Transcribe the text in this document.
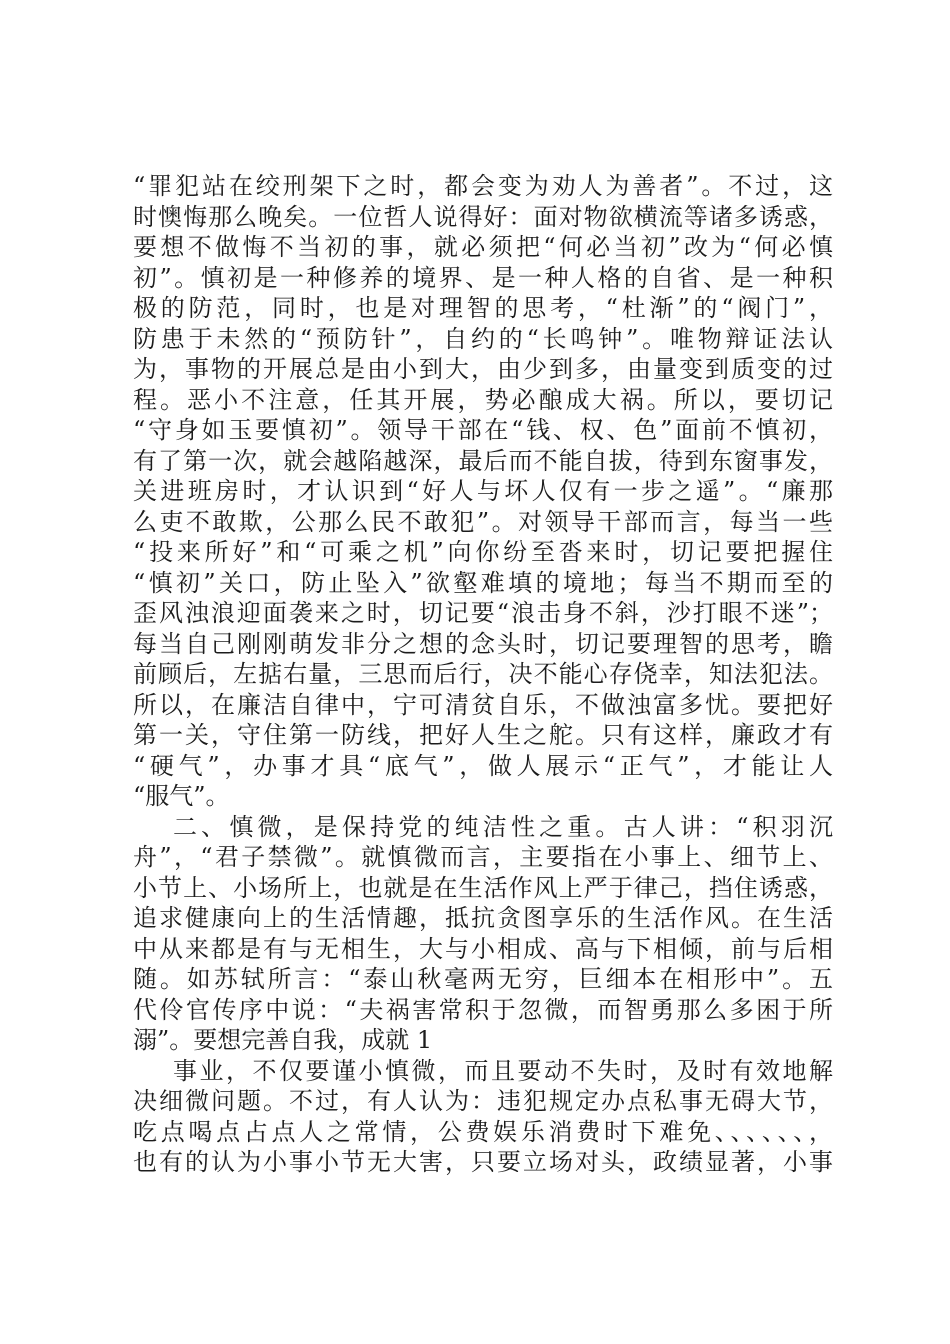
“罪犯站在绞刑架下之时，都会变为劝人为善者”。不过，这
时懊悔那么晚矣。一位哲人说得好：面对物欲横流等诸多诱惑，
要想不做悔不当初的事，就必须把“何必当初”改为“何必慎
初”。慎初是一种修养的境界、是一种人格的自省、是一种积
极的防范，同时，也是对理智的思考，“杜渐”的“阀门”，
防患于未然的“预防针”，自约的“长鸣钟”。唯物辩证法认
为，事物的开展总是由小到大，由少到多，由量变到质变的过
程。恶小不注意，任其开展，势必酿成大祸。所以，要切记
“守身如玉要慎初”。领导干部在“钱、权、色”面前不慎初，
有了第一次，就会越陷越深，最后而不能自拔，待到东窗事发，
关进班房时，才认识到“好人与坏人仅有一步之遥”。“廉那
么吏不敢欺，公那么民不敢犯”。对领导干部而言，每当一些
“投来所好”和“可乘之机”向你纷至沓来时，切记要把握住
“慎初”关口，防止坠入”欲壑难填的境地；每当不期而至的
歪风浊浪迎面袭来之时，切记要“浪击身不斜，沙打眼不迷”；
每当自己刚刚萌发非分之想的念头时，切记要理智的思考，瞻
前顾后，左掂右量，三思而后行，决不能心存侥幸，知法犯法。
所以，在廉洁自律中，宁可清贫自乐，不做浊富多忧。要把好
第一关，守住第一防线，把好人生之舵。只有这样，廉政才有
“硬气”，办事才具“底气”，做人展示“正气”，才能让人
“服气”。
二、慎微，是保持党的纯洁性之重。古人讲：“积羽沉
舟”，“君子禁微”。就慎微而言，主要指在小事上、细节上、
小节上、小场所上，也就是在生活作风上严于律己，挡住诱惑，
追求健康向上的生活情趣，抵抗贪图享乐的生活作风。在生活
中从来都是有与无相生，大与小相成、高与下相倾，前与后相
随。如苏轼所言：“泰山秋毫两无穷，巨细本在相形中”。五
代伶官传序中说：“夫祸害常积于忽微，而智勇那么多困于所
溺”。要想完善自我，成就 1
事业，不仅要谨小慎微，而且要动不失时，及时有效地解
决细微问题。不过，有人认为：违犯规定办点私事无碍大节，
吃点喝点占点人之常情，公费娱乐消费时下难免、、、、、、，
也有的认为小事小节无大害，只要立场对头，政绩显著，小事
